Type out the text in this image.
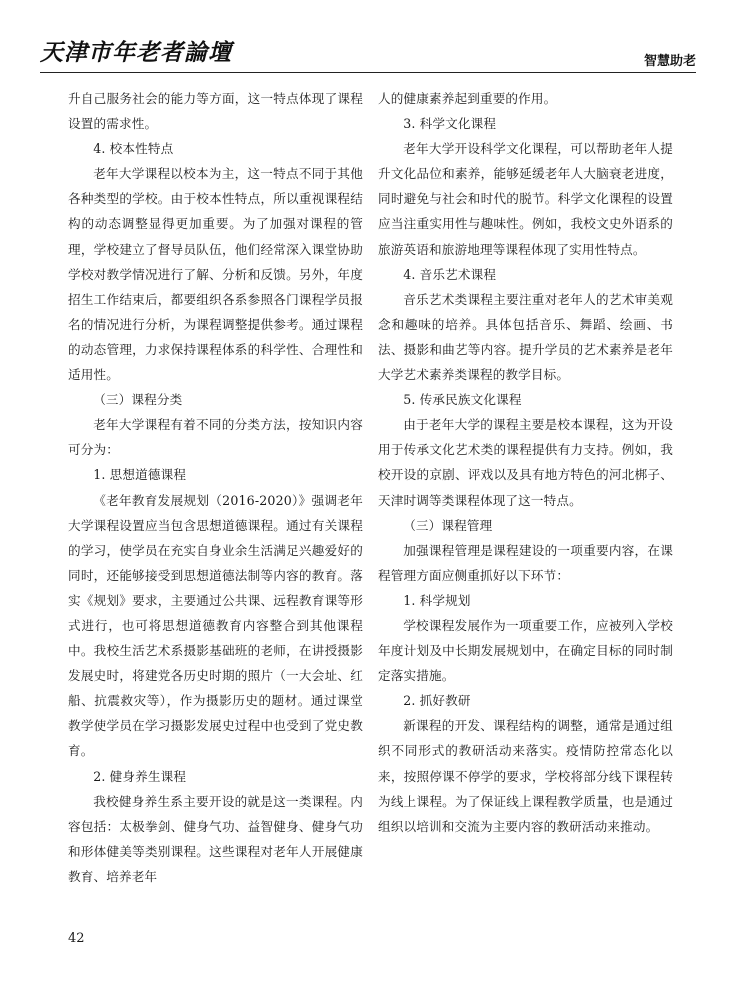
天津市年老者論壇	智慧助老

升自己服务社会的能力等方面，这一特点体现了课程设置的需求性。

4. 校本性特点

老年大学课程以校本为主，这一特点不同于其他各种类型的学校。由于校本性特点，所以重视课程结构的动态调整显得更加重要。为了加强对课程的管理，学校建立了督导员队伍，他们经常深入课堂协助学校对教学情况进行了解、分析和反馈。另外，年度招生工作结束后，都要组织各系参照各门课程学员报名的情况进行分析，为课程调整提供参考。通过课程的动态管理，力求保持课程体系的科学性、合理性和适用性。

（三）课程分类

老年大学课程有着不同的分类方法，按知识内容可分为：

1. 思想道德课程

《老年教育发展规划（2016-2020）》强调老年大学课程设置应当包含思想道德课程。通过有关课程的学习，使学员在充实自身业余生活满足兴趣爱好的同时，还能够接受到思想道德法制等内容的教育。落实《规划》要求，主要通过公共课、远程教育课等形式进行，也可将思想道德教育内容整合到其他课程中。我校生活艺术系摄影基础班的老师，在讲授摄影发展史时，将建党各历史时期的照片（一大会址、红船、抗震救灾等），作为摄影历史的题材。通过课堂教学使学员在学习摄影发展史过程中也受到了党史教育。

2. 健身养生课程

我校健身养生系主要开设的就是这一类课程。内容包括：太极拳剑、健身气功、益智健身、健身气功和形体健美等类别课程。这些课程对老年人开展健康教育、培养老年

人的健康素养起到重要的作用。

3. 科学文化课程

老年大学开设科学文化课程，可以帮助老年人提升文化品位和素养，能够延缓老年人大脑衰老进度，同时避免与社会和时代的脱节。科学文化课程的设置应当注重实用性与趣味性。例如，我校文史外语系的旅游英语和旅游地理等课程体现了实用性特点。

4. 音乐艺术课程

音乐艺术类课程主要注重对老年人的艺术审美观念和趣味的培养。具体包括音乐、舞蹈、绘画、书法、摄影和曲艺等内容。提升学员的艺术素养是老年大学艺术素养类课程的教学目标。

5. 传承民族文化课程

由于老年大学的课程主要是校本课程，这为开设用于传承文化艺术类的课程提供有力支持。例如，我校开设的京剧、评戏以及具有地方特色的河北梆子、天津时调等类课程体现了这一特点。

（三）课程管理

加强课程管理是课程建设的一项重要内容，在课程管理方面应侧重抓好以下环节：

1. 科学规划

学校课程发展作为一项重要工作，应被列入学校年度计划及中长期发展规划中，在确定目标的同时制定落实措施。

2. 抓好教研

新课程的开发、课程结构的调整，通常是通过组织不同形式的教研活动来落实。疫情防控常态化以来，按照停课不停学的要求，学校将部分线下课程转为线上课程。为了保证线上课程教学质量，也是通过组织以培训和交流为主要内容的教研活动来推动。

42
